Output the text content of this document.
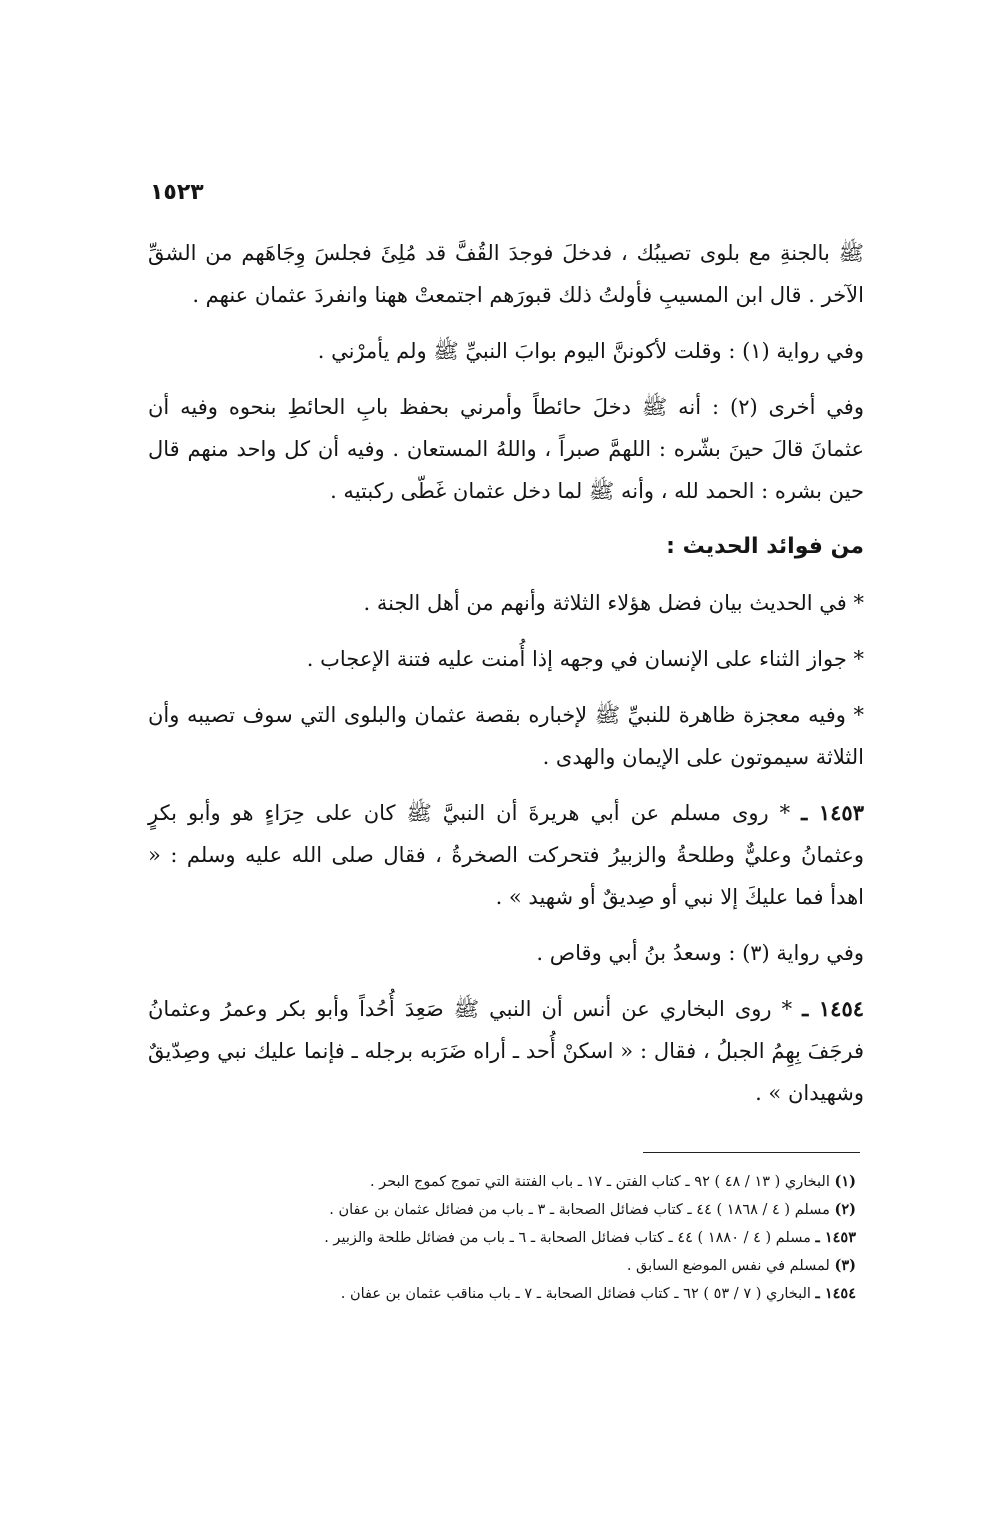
١٥٢٣

ﷺ بالجنةِ مع بلوى تصيبُك ، فدخلَ فوجدَ القُفَّ قد مُلِئَ فجلسَ وِجَاهَهم من الشقِّ الآخر . قال ابن المسيبِ فأولتُ ذلك قبورَهم اجتمعتْ ههنا وانفردَ عثمان عنهم .

وفي رواية (١) : وقلت لأكوننَّ اليوم بوابَ النبيِّ ﷺ ولم يأمرْني .

وفي أخرى (٢) : أنه ﷺ دخلَ حائطاً وأمرني بحفظ بابِ الحائطِ بنحوه وفيه أن عثمانَ قالَ حينَ بشّره : اللهمَّ صبراً ، واللهُ المستعان . وفيه أن كل واحد منهم قال حين بشره : الحمد لله ، وأنه ﷺ لما دخل عثمان غَطّى ركبتيه .

من فوائد الحديث :

* في الحديث بيان فضل هؤلاء الثلاثة وأنهم من أهل الجنة .

* جواز الثناء على الإنسان في وجهه إذا أُمنت عليه فتنة الإعجاب .

* وفيه معجزة ظاهرة للنبيِّ ﷺ لإخباره بقصة عثمان والبلوى التي سوف تصيبه وأن الثلاثة سيموتون على الإيمان والهدى .

١٤٥٣ ـ * روى مسلم عن أبي هريرةَ أن النبيَّ ﷺ كان على حِرَاءٍ هو وأبو بكرٍ وعثمانُ وعليٌّ وطلحةُ والزبيرُ فتحركت الصخرةُ ، فقال صلى الله عليه وسلم : « اهدأ فما عليكَ إلا نبي أو صِديقٌ أو شهيد » .

وفي رواية (٣) : وسعدُ بنُ أبي وقاص .

١٤٥٤ ـ * روى البخاري عن أنس أن النبي ﷺ صَعِدَ أُحُداً وأبو بكر وعمرُ وعثمانُ فرجَفَ بِهِمُ الجبلُ ، فقال : « اسكنْ أُحد ـ أراه ضَرَبه برجله ـ فإنما عليك نبي وصِدّيقٌ وشهيدان » .

(١) البخاري ( ١٣ / ٤٨ ) ٩٢ ـ كتاب الفتن ـ ١٧ ـ باب الفتنة التي تموج كموج البحر .

(٢) مسلم ( ٤ / ١٨٦٨ ) ٤٤ ـ كتاب فضائل الصحابة ـ ٣ ـ باب من فضائل عثمان بن عفان .

١٤٥٣ ـ مسلم ( ٤ / ١٨٨٠ ) ٤٤ ـ كتاب فضائل الصحابة ـ ٦ ـ باب من فضائل طلحة والزبير .

(٣) لمسلم في نفس الموضع السابق .

١٤٥٤ ـ البخاري ( ٧ / ٥٣ ) ٦٢ ـ كتاب فضائل الصحابة ـ ٧ ـ باب مناقب عثمان بن عفان .
